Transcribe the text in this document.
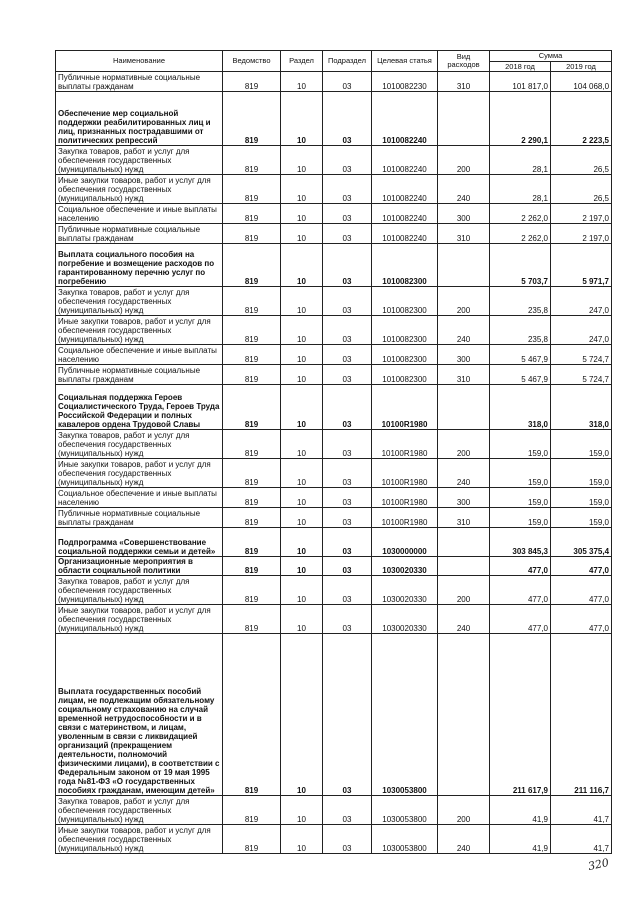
Наименование	Ведомство	Раздел	Подраздел	Целевая статья	Вид расходов	Сумма	
						2018 год	2019 год
Публичные нормативные социальные выплаты гражданам	819	10	03	1010082230	310	101 817,0	104 068,0
Обеспечение мер социальной поддержки реабилитированных лиц и лиц, признанных пострадавшими от политических репрессий	819	10	03	1010082240		2 290,1	2 223,5
Закупка товаров, работ и услуг для обеспечения государственных (муниципальных) нужд	819	10	03	1010082240	200	28,1	26,5
Иные закупки товаров, работ и услуг для обеспечения государственных (муниципальных) нужд	819	10	03	1010082240	240	28,1	26,5
Социальное обеспечение и иные выплаты населению	819	10	03	1010082240	300	2 262,0	2 197,0
Публичные нормативные социальные выплаты гражданам	819	10	03	1010082240	310	2 262,0	2 197,0
Выплата социального пособия на погребение и возмещение расходов по гарантированному перечню услуг по погребению	819	10	03	1010082300		5 703,7	5 971,7
Закупка товаров, работ и услуг для обеспечения государственных (муниципальных) нужд	819	10	03	1010082300	200	235,8	247,0
Иные закупки товаров, работ и услуг для обеспечения государственных (муниципальных) нужд	819	10	03	1010082300	240	235,8	247,0
Социальное обеспечение и иные выплаты населению	819	10	03	1010082300	300	5 467,9	5 724,7
Публичные нормативные социальные выплаты гражданам	819	10	03	1010082300	310	5 467,9	5 724,7
Социальная поддержка Героев Социалистического Труда, Героев Труда Российской Федерации и полных кавалеров ордена Трудовой Славы	819	10	03	10100R1980		318,0	318,0
Закупка товаров, работ и услуг для обеспечения государственных (муниципальных) нужд	819	10	03	10100R1980	200	159,0	159,0
Иные закупки товаров, работ и услуг для обеспечения государственных (муниципальных) нужд	819	10	03	10100R1980	240	159,0	159,0
Социальное обеспечение и иные выплаты населению	819	10	03	10100R1980	300	159,0	159,0
Публичные нормативные социальные выплаты гражданам	819	10	03	10100R1980	310	159,0	159,0
Подпрограмма «Совершенствование социальной поддержки семьи и детей»	819	10	03	1030000000		303 845,3	305 375,4
Организационные мероприятия в области социальной политики	819	10	03	1030020330		477,0	477,0
Закупка товаров, работ и услуг для обеспечения государственных (муниципальных) нужд	819	10	03	1030020330	200	477,0	477,0
Иные закупки товаров, работ и услуг для обеспечения государственных (муниципальных) нужд	819	10	03	1030020330	240	477,0	477,0
Выплата государственных пособий лицам, не подлежащим обязательному социальному страхованию на случай временной нетрудоспособности и в связи с материнством, и лицам, уволенным в связи с ликвидацией организаций (прекращением деятельности, полномочий физическими лицами), в соответствии с Федеральным законом от 19 мая 1995 года №81-ФЗ «О государственных пособиях гражданам, имеющим детей»	819	10	03	1030053800		211 617,9	211 116,7
Закупка товаров, работ и услуг для обеспечения государственных (муниципальных) нужд	819	10	03	1030053800	200	41,9	41,7
Иные закупки товаров, работ и услуг для обеспечения государственных (муниципальных) нужд	819	10	03	1030053800	240	41,9	41,7
320
